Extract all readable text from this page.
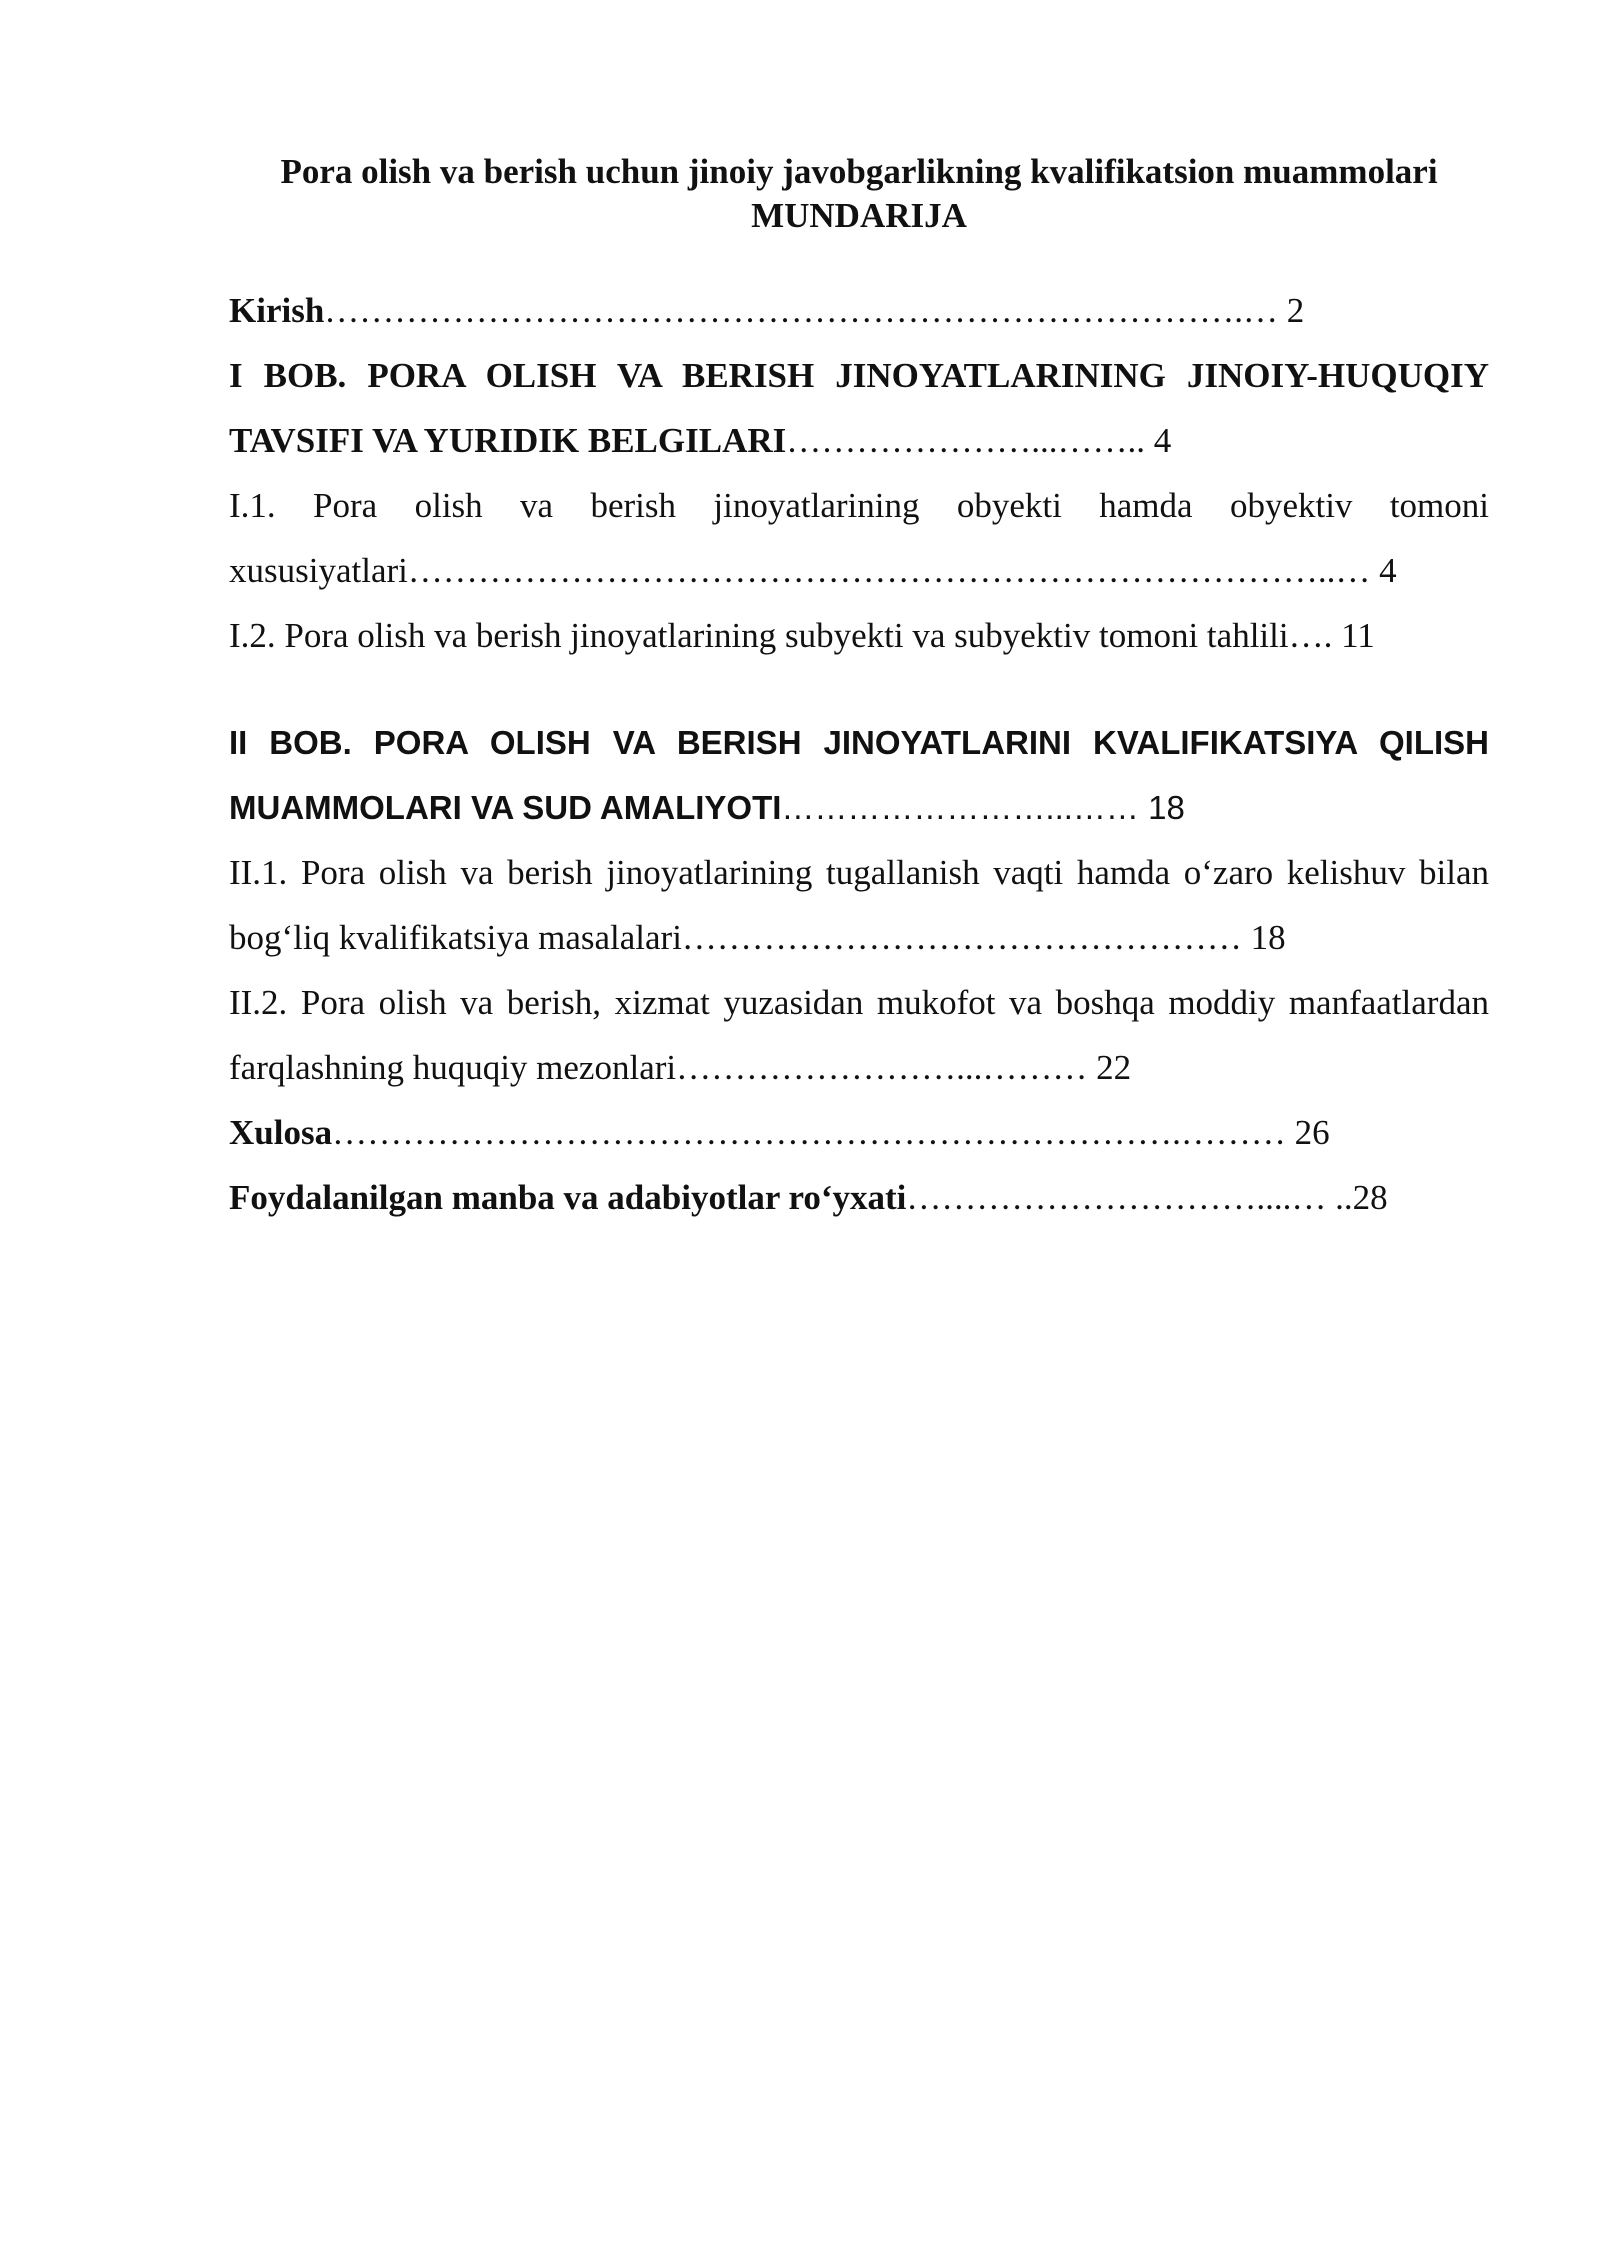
Pora olish va berish uchun jinoiy javobgarlikning kvalifikatsion muammolari
MUNDARIJA
Kirish…………………………………………………………………….… 2
I BOB. PORA OLISH VA BERISH JINOYATLARINING JINOIY-HUQUQIY TAVSIFI VA YURIDIK BELGILARI…………………...…….. 4
I.1. Pora olish va berish jinoyatlarining obyekti hamda obyektiv tomoni xususiyatlari……………………………………………………………………..… 4
I.2. Pora olish va berish jinoyatlarining subyekti va subyektiv tomoni tahlili…. 11
II BOB. PORA OLISH VA BERISH JINOYATLARINI KVALIFIKATSIYA QILISH MUAMMOLARI VA SUD AMALIYOTI……………………...…… 18
II.1. Pora olish va berish jinoyatlarining tugallanish vaqti hamda o‘zaro kelishuv bilan bog‘liq kvalifikatsiya masalalari………………………………………… 18
II.2. Pora olish va berish, xizmat yuzasidan mukofot va boshqa moddiy manfaatlardan farqlashning huquqiy mezonlari……………………...……… 22
Xulosa……………………………………………………………….……… 26
Foydalanilgan manba va adabiyotlar ro‘yxati…………………………....… ..28
